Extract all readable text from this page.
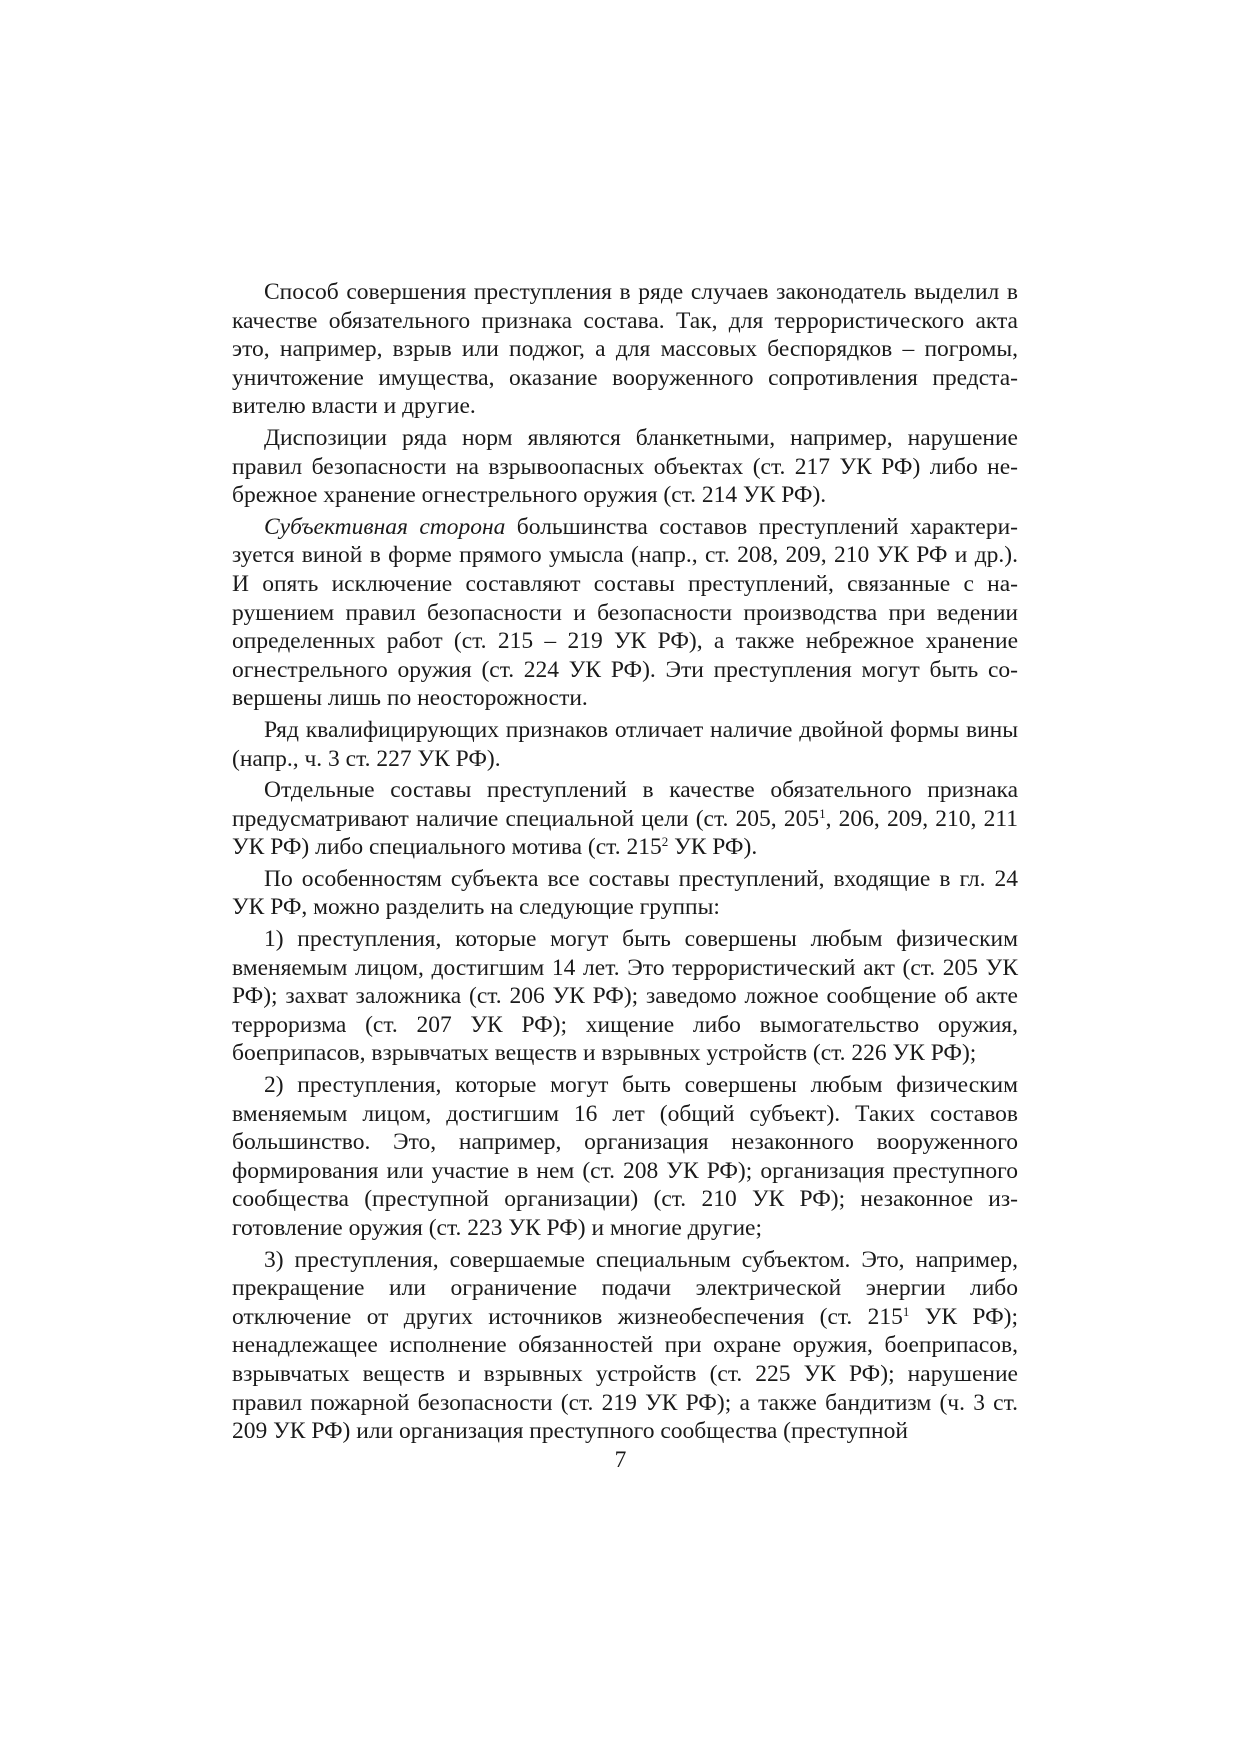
Способ совершения преступления в ряде случаев законодатель выделил в качестве обязательного признака состава. Так, для террористического акта это, например, взрыв или поджог, а для массовых беспорядков – погромы, уничтожение имущества, оказание вооруженного сопротивления представителю власти и другие.

Диспозиции ряда норм являются бланкетными, например, нарушение правил безопасности на взрывоопасных объектах (ст. 217 УК РФ) либо небрежное хранение огнестрельного оружия (ст. 214 УК РФ).

Субъективная сторона большинства составов преступлений характеризуется виной в форме прямого умысла (напр., ст. 208, 209, 210 УК РФ и др.). И опять исключение составляют составы преступлений, связанные с нарушением правил безопасности и безопасности производства при ведении определенных работ (ст. 215 – 219 УК РФ), а также небрежное хранение огнестрельного оружия (ст. 224 УК РФ). Эти преступления могут быть совершены лишь по неосторожности.

Ряд квалифицирующих признаков отличает наличие двойной формы вины (напр., ч. 3 ст. 227 УК РФ).

Отдельные составы преступлений в качестве обязательного признака предусматривают наличие специальной цели (ст. 205, $205^1$, 206, 209, 210, 211 УК РФ) либо специального мотива (ст. $215^2$ УК РФ).

По особенностям субъекта все составы преступлений, входящие в гл. 24 УК РФ, можно разделить на следующие группы:

1) преступления, которые могут быть совершены любым физическим вменяемым лицом, достигшим 14 лет. Это террористический акт (ст. 205 УК РФ); захват заложника (ст. 206 УК РФ); заведомо ложное сообщение об акте терроризма (ст. 207 УК РФ); хищение либо вымогательство оружия, боеприпасов, взрывчатых веществ и взрывных устройств (ст. 226 УК РФ);

2) преступления, которые могут быть совершены любым физическим вменяемым лицом, достигшим 16 лет (общий субъект). Таких составов большинство. Это, например, организация незаконного вооруженного формирования или участие в нем (ст. 208 УК РФ); организация преступного сообщества (преступной организации) (ст. 210 УК РФ); незаконное изготовление оружия (ст. 223 УК РФ) и многие другие;

3) преступления, совершаемые специальным субъектом. Это, например, прекращение или ограничение подачи электрической энергии либо отключение от других источников жизнеобеспечения (ст. $215^1$ УК РФ); ненадлежащее исполнение обязанностей при охране оружия, боеприпасов, взрывчатых веществ и взрывных устройств (ст. 225 УК РФ); нарушение правил пожарной безопасности (ст. 219 УК РФ); а также бандитизм (ч. 3 ст. 209 УК РФ) или организация преступного сообщества (преступной

7
